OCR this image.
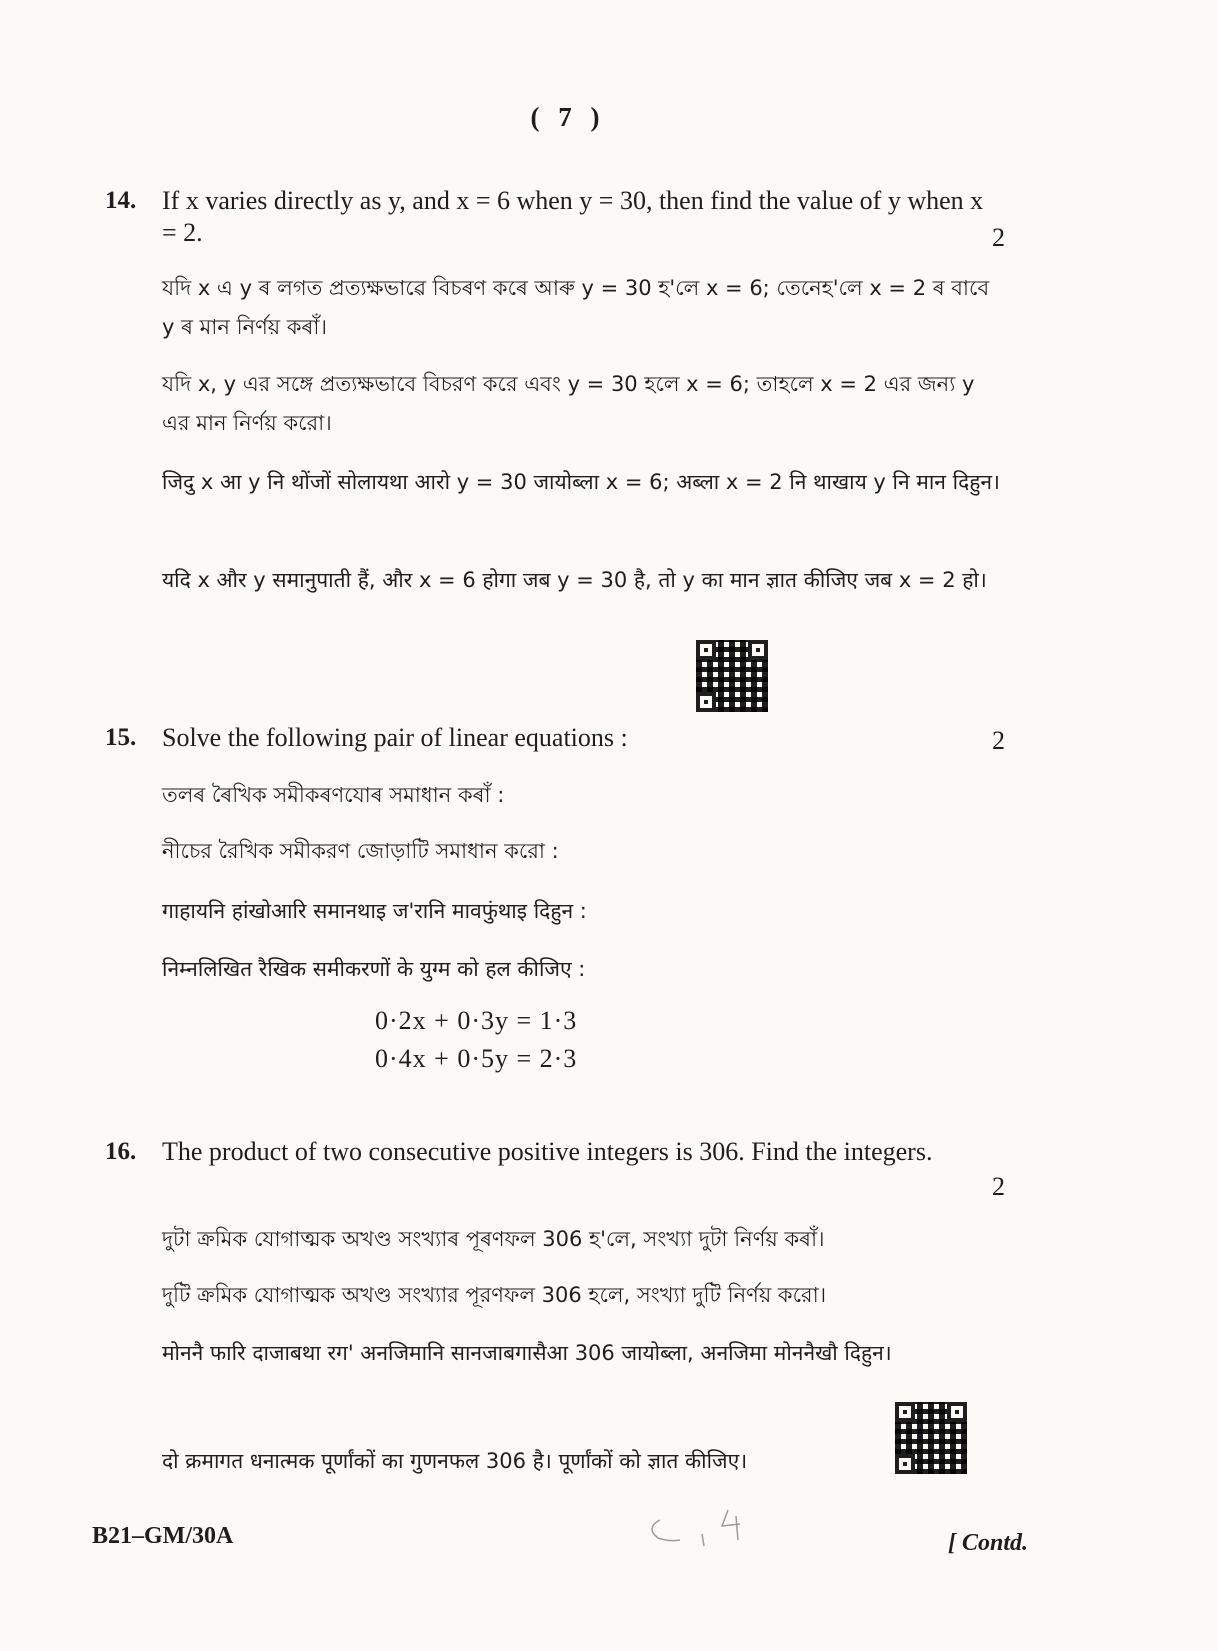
( 7 )
14. If x varies directly as y, and x = 6 when y = 30, then find the value of y when x = 2.	2
যদি x এ y ৰ লগত প্ৰত্যক্ষভাৱে বিচৰণ কৰে আৰু y = 30 হ'লে x = 6; তেনেহ'লে x = 2 ৰ বাবে y ৰ মান নিৰ্ণয় কৰাঁ।
যদি x, y এর সঙ্গে প্রত্যক্ষভাবে বিচরণ করে এবং y = 30 হলে x = 6; তাহলে x = 2 এর জন্য y এর মান নির্ণয় করো।
जिदु x आ y नि थोंजों सोलायथा आरो y = 30 जायोब्ला x = 6; अब्ला x = 2 नि थाखाय y नि मान दिहुन।
यदि x और y समानुपाती हैं, और x = 6 होगा जब y = 30 है, तो y का मान ज्ञात कीजिए जब x = 2 हो।
15. Solve the following pair of linear equations :	2
তলৰ ৰৈখিক সমীকৰণযোৰ সমাধান কৰাঁ :
নীচের রৈখিক সমীকরণ জোড়াটি সমাধান করো :
गाहायनि हांखोआरि समानथाइ ज'रानि मावफुंथाइ दिहुन :
निम्नलिखित रैखिक समीकरणों के युग्म को हल कीजिए :
0·2x + 0·3y = 1·3
0·4x + 0·5y = 2·3
16. The product of two consecutive positive integers is 306. Find the integers.
2
দুটা ক্ৰমিক যোগাত্মক অখণ্ড সংখ্যাৰ পূৰণফল 306 হ'লে, সংখ্যা দুটা নিৰ্ণয় কৰাঁ।
দুটি ক্রমিক যোগাত্মক অখণ্ড সংখ্যার পূরণফল 306 হলে, সংখ্যা দুটি নির্ণয় করো।
मोननै फारि दाजाबथा रग' अनजिमानि सानजाबगासैआ 306 जायोब्ला, अनजिमा मोननैखौ दिहुन।
दो क्रमागत धनात्मक पूर्णांकों का गुणनफल 306 है। पूर्णांकों को ज्ञात कीजिए।
B21–GM/30A	[ Contd.
